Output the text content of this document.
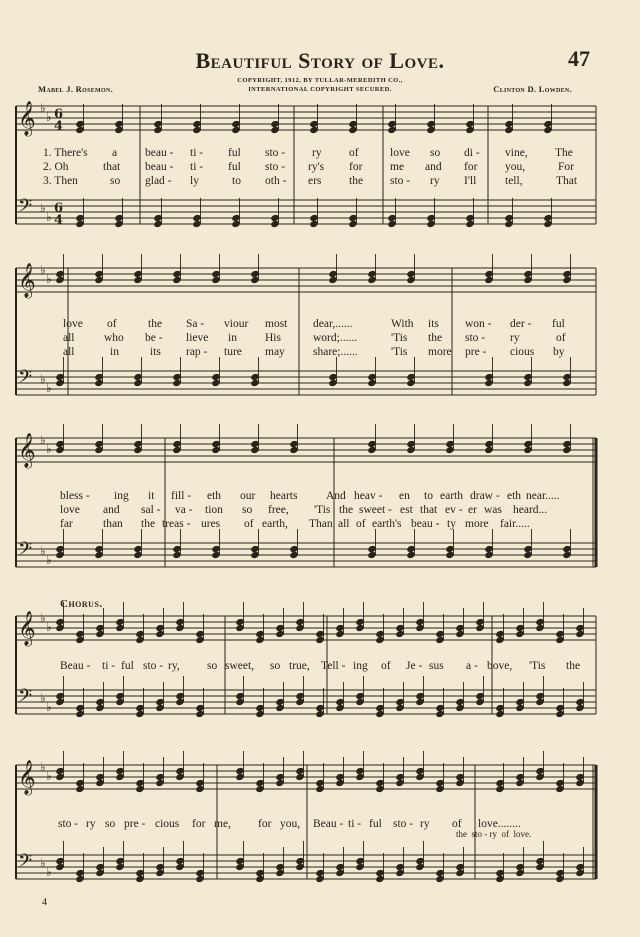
Beautiful Story of Love.	47
Mabel J. Rosemon.	Clinton D. Lowden.
COPYRIGHT, 1912, BY TULLAR-MEREDITH CO.,
INTERNATIONAL COPYRIGHT SECURED.
𝄞 ♭
♭ 6
4
𝄢 ♭
♭
6
4
𝄞 ♭
♭
𝄢 ♭
♭
𝄞 ♭
♭
𝄢 ♭
♭
𝄞 ♭
♭
𝄢 ♭
♭
𝄞 ♭
♭
𝄢 ♭
♭
1. There's a beau - ti - ful sto - ry of	love so di - vine, The
2. Oh	that beau - ti - ful sto - ry's for me and for you,	For
3. Then	so glad - ly	to oth - ers the sto - ry I'll tell,	That
love of	the Sa - viour most dear,......	With its won - der - ful
all	who be - lieve in His	word;......	'Tis the sto - ry	of
all	in	its rap - ture may share;......	'Tis more pre - cious by
bless - ing it fill - eth our hearts And heav - en to earth draw - eth near.....
love and sal - va - tion so free, 'Tis the sweet - est that ev - er was heard...
far	than the treas - ures of earth, Than all of earth's beau - ty more fair.....
Chorus.
Beau - ti - ful sto - ry, so sweet, so true, Tell - ing of Je - sus a - bove, 'Tis the
sto - ry so pre - cious for me, for you, Beau - ti - ful sto - ry of love........
the  sto - ry  of  love.
4
